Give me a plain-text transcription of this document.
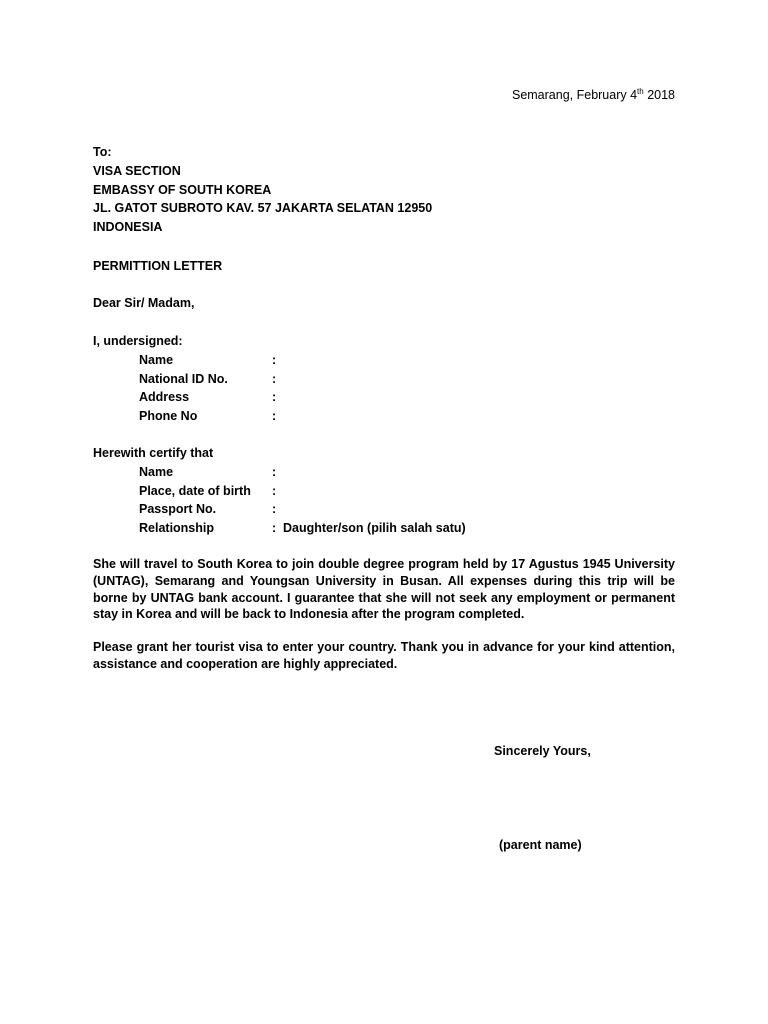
Semarang, February 4th 2018
To:
VISA SECTION
EMBASSY OF SOUTH KOREA
JL. GATOT SUBROTO KAV. 57 JAKARTA SELATAN 12950
INDONESIA
PERMITTION LETTER
Dear Sir/ Madam,
I, undersigned:
Name	:
National ID No.	:
Address	:
Phone No	:
Herewith certify that
Name	:
Place, date of birth :
Passport No.	:
Relationship	: Daughter/son (pilih salah satu)

She will travel to South Korea to join double degree program held by 17 Agustus 1945 University (UNTAG), Semarang and Youngsan University in Busan. All expenses during this trip will be borne by UNTAG bank account. I guarantee that she will not seek any employment or permanent stay in Korea and will be back to Indonesia after the program completed.

Please grant her tourist visa to enter your country. Thank you in advance for your kind attention, assistance and cooperation are highly appreciated.

Sincerely Yours,
(parent name)
